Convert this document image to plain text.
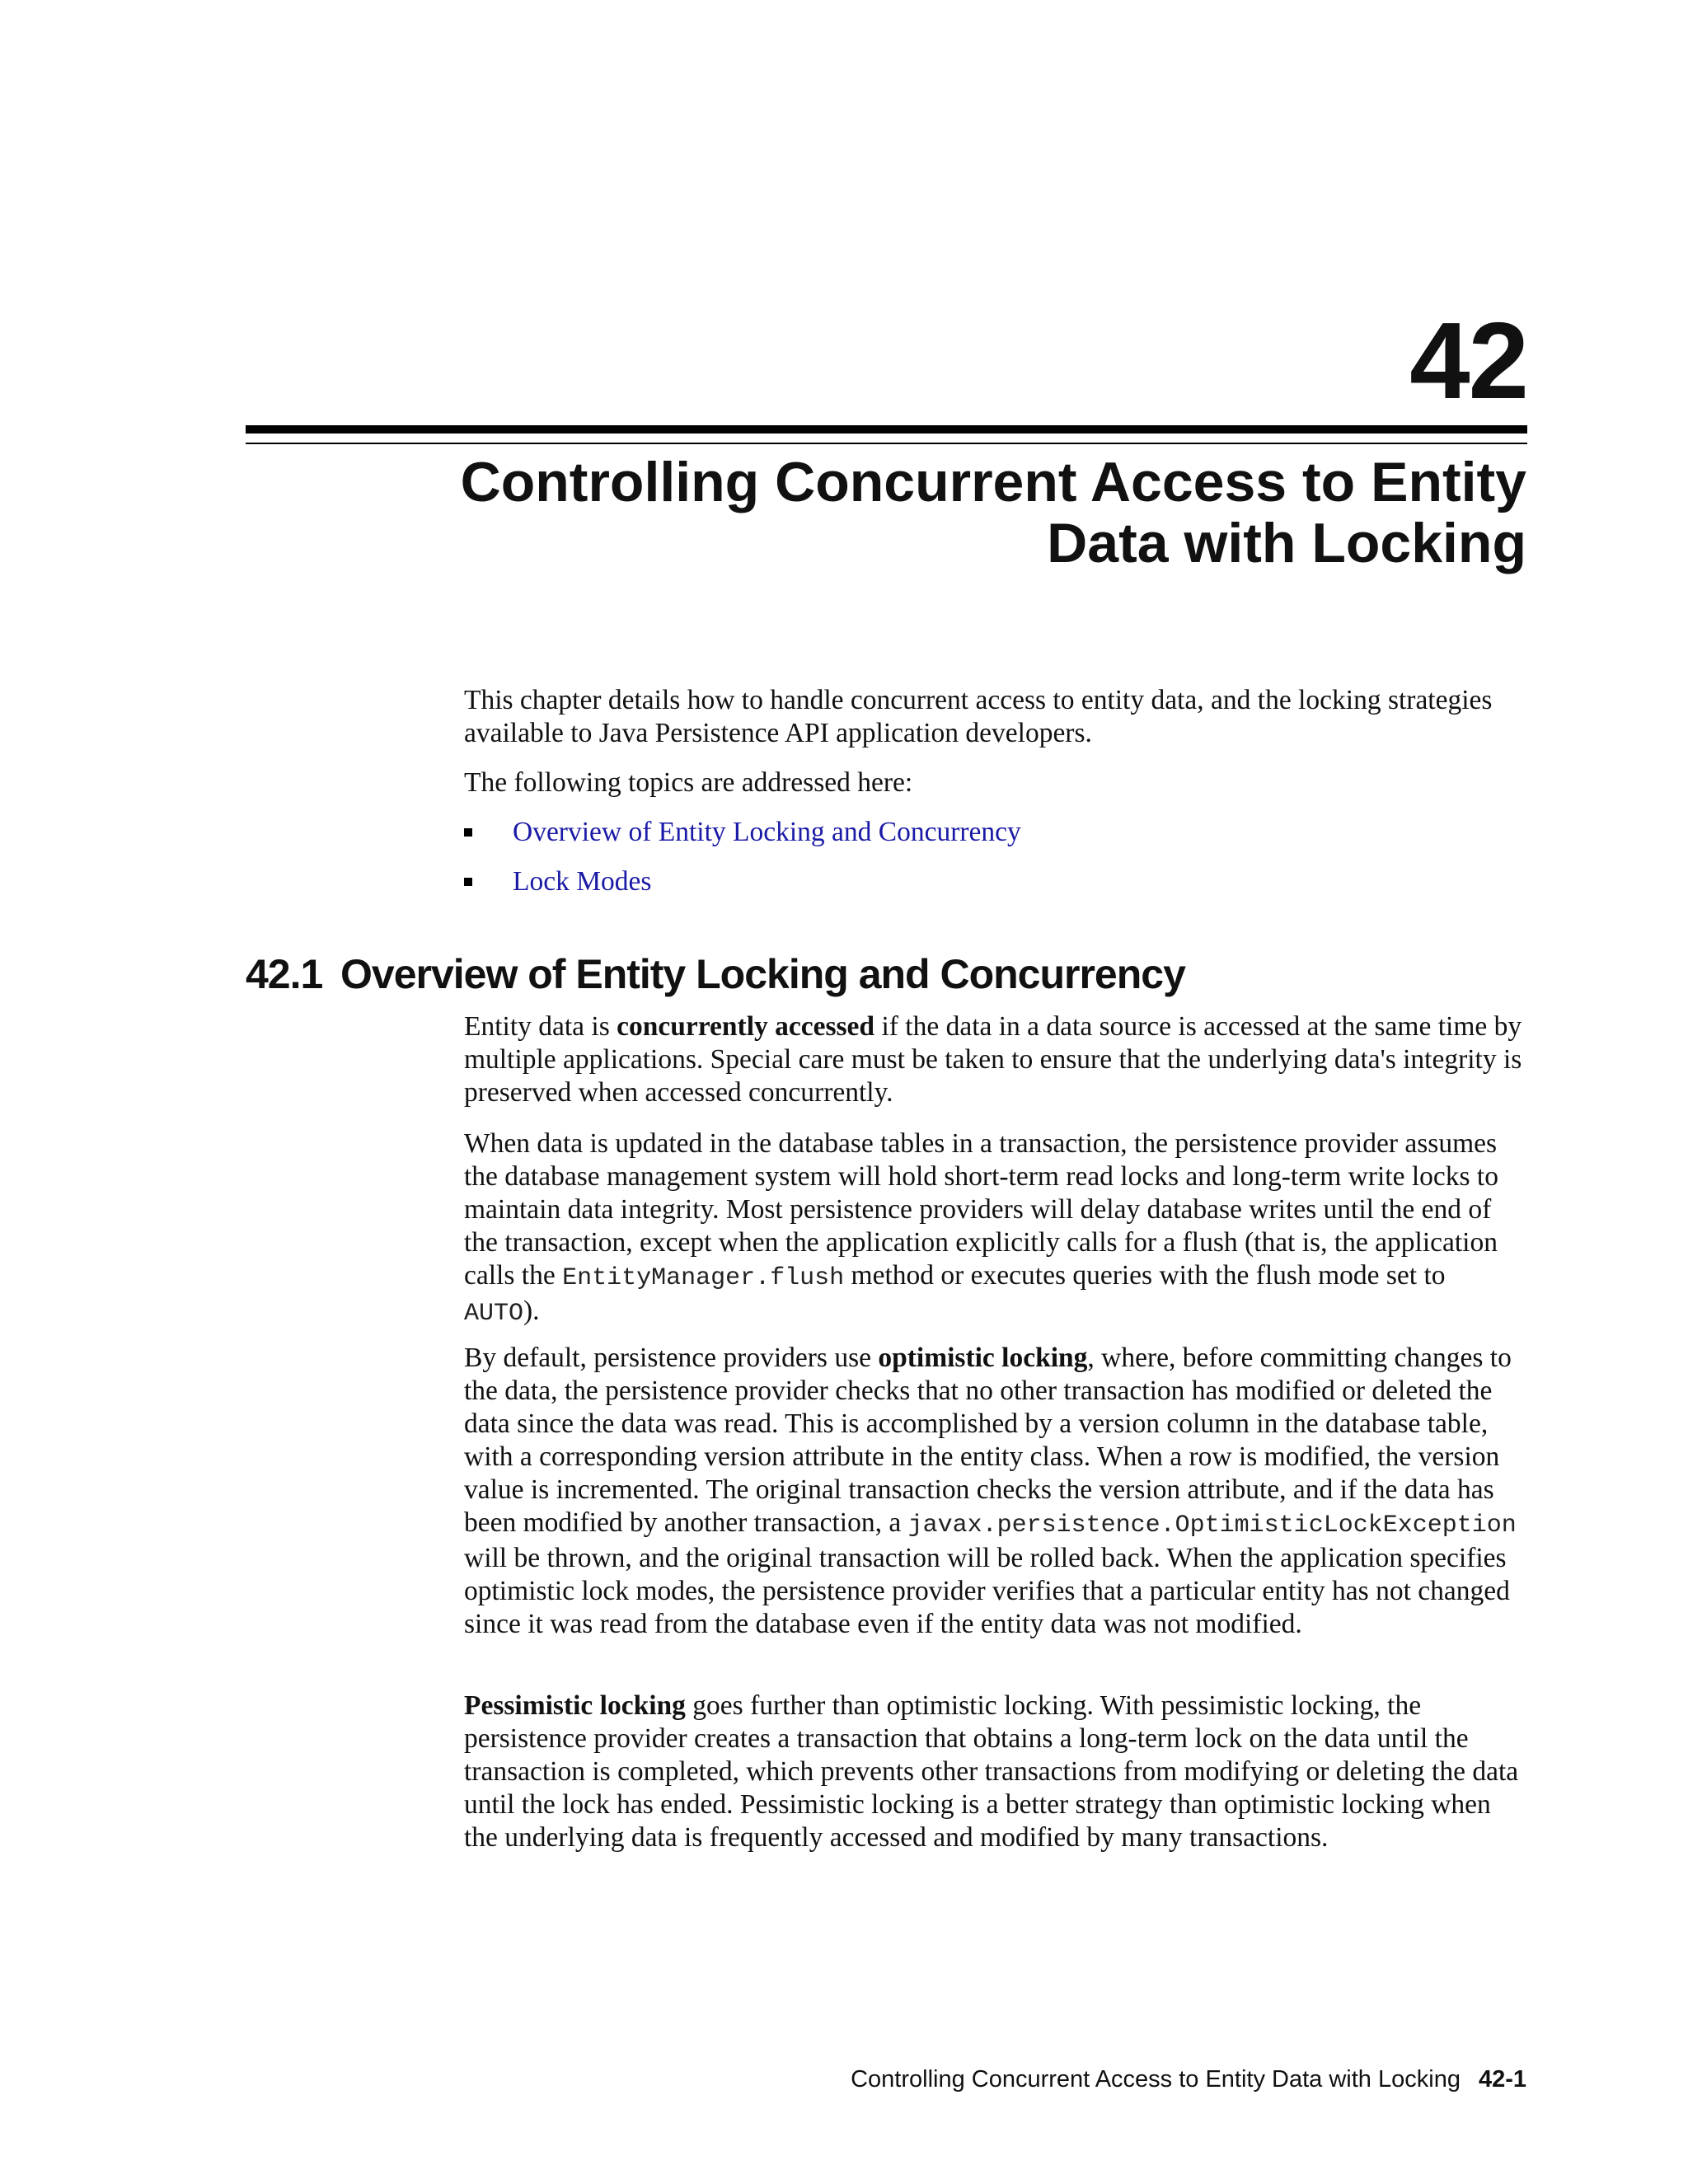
42
Controlling Concurrent Access to Entity
Data with Locking

This chapter details how to handle concurrent access to entity data, and the locking strategies available to Java Persistence API application developers.

The following topics are addressed here:

Overview of Entity Locking and Concurrency
Lock Modes
42.1 Overview of Entity Locking and Concurrency

Entity data is concurrently accessed if the data in a data source is accessed at the same time by multiple applications. Special care must be taken to ensure that the underlying data's integrity is preserved when accessed concurrently.

When data is updated in the database tables in a transaction, the persistence provider assumes the database management system will hold short-term read locks and long-term write locks to maintain data integrity. Most persistence providers will delay database writes until the end of the transaction, except when the application explicitly calls for a flush (that is, the application calls the EntityManager.flush method or executes queries with the flush mode set to AUTO).

By default, persistence providers use optimistic locking, where, before committing changes to the data, the persistence provider checks that no other transaction has modified or deleted the data since the data was read. This is accomplished by a version column in the database table, with a corresponding version attribute in the entity class. When a row is modified, the version value is incremented. The original transaction checks the version attribute, and if the data has been modified by another transaction, a javax.persistence.OptimisticLockException will be thrown, and the original transaction will be rolled back. When the application specifies optimistic lock modes, the persistence provider verifies that a particular entity has not changed since it was read from the database even if the entity data was not modified.

Pessimistic locking goes further than optimistic locking. With pessimistic locking, the persistence provider creates a transaction that obtains a long-term lock on the data until the transaction is completed, which prevents other transactions from modifying or deleting the data until the lock has ended. Pessimistic locking is a better strategy than optimistic locking when the underlying data is frequently accessed and modified by many transactions.

Controlling Concurrent Access to Entity Data with Locking 42-1
